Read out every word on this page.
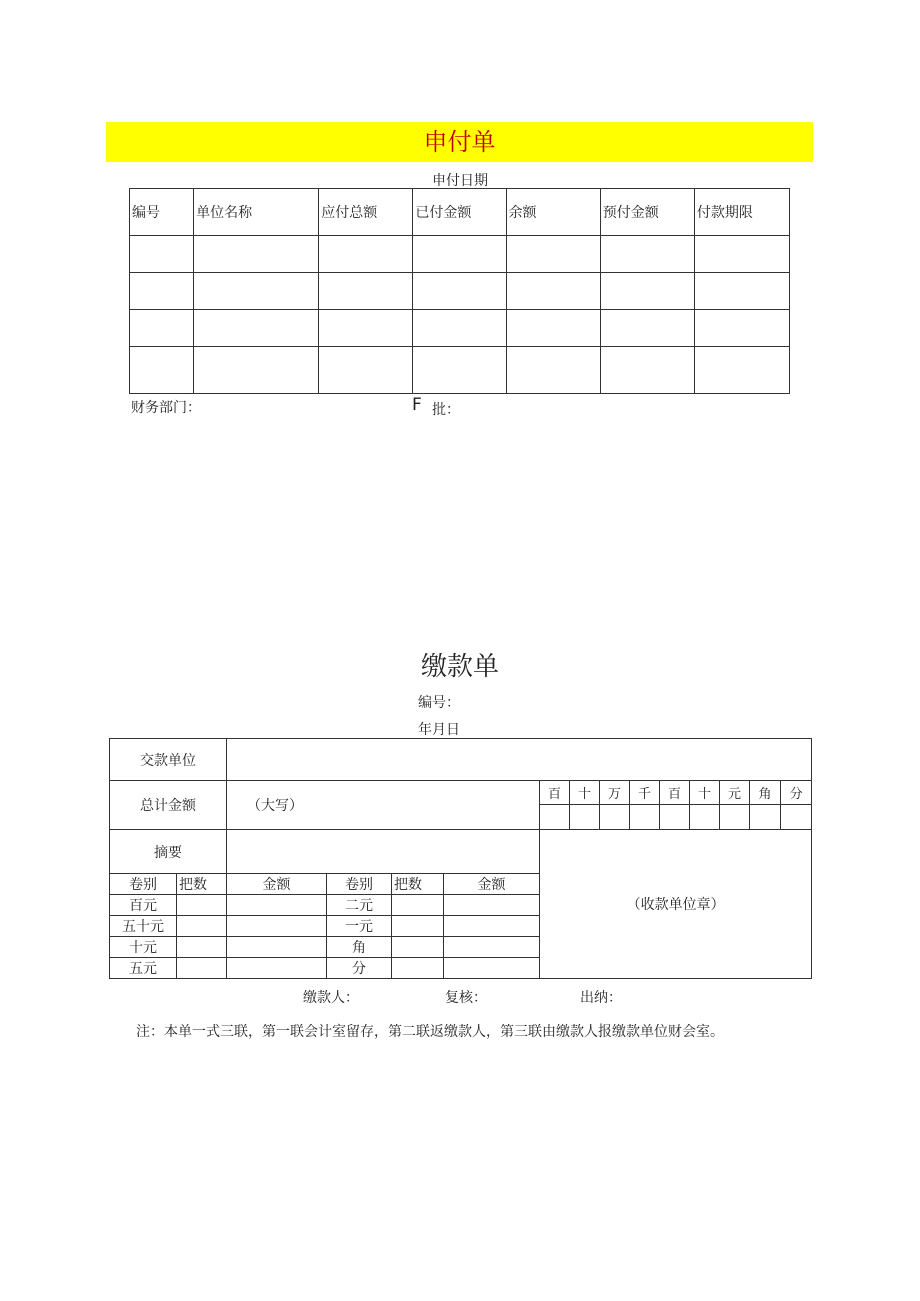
申付单
申付日期
编号	单位名称	应付总额	已付金额	余额	预付金额	付款期限

财务部门：	F 批：
缴款单
编号：
年月日
交款单位														
总计金额		（大写）				百	十	万	千	百	十	元	角	分

摘要						（收款单位章）								
卷别	把数	金额	卷别	把数	金额									
百元			二元											
五十元			一元											
十元			角											
五元			分											
缴款人：	复核：	出纳：
注：本单一式三联，第一联会计室留存，第二联返缴款人，第三联由缴款人报缴款单位财会室。
